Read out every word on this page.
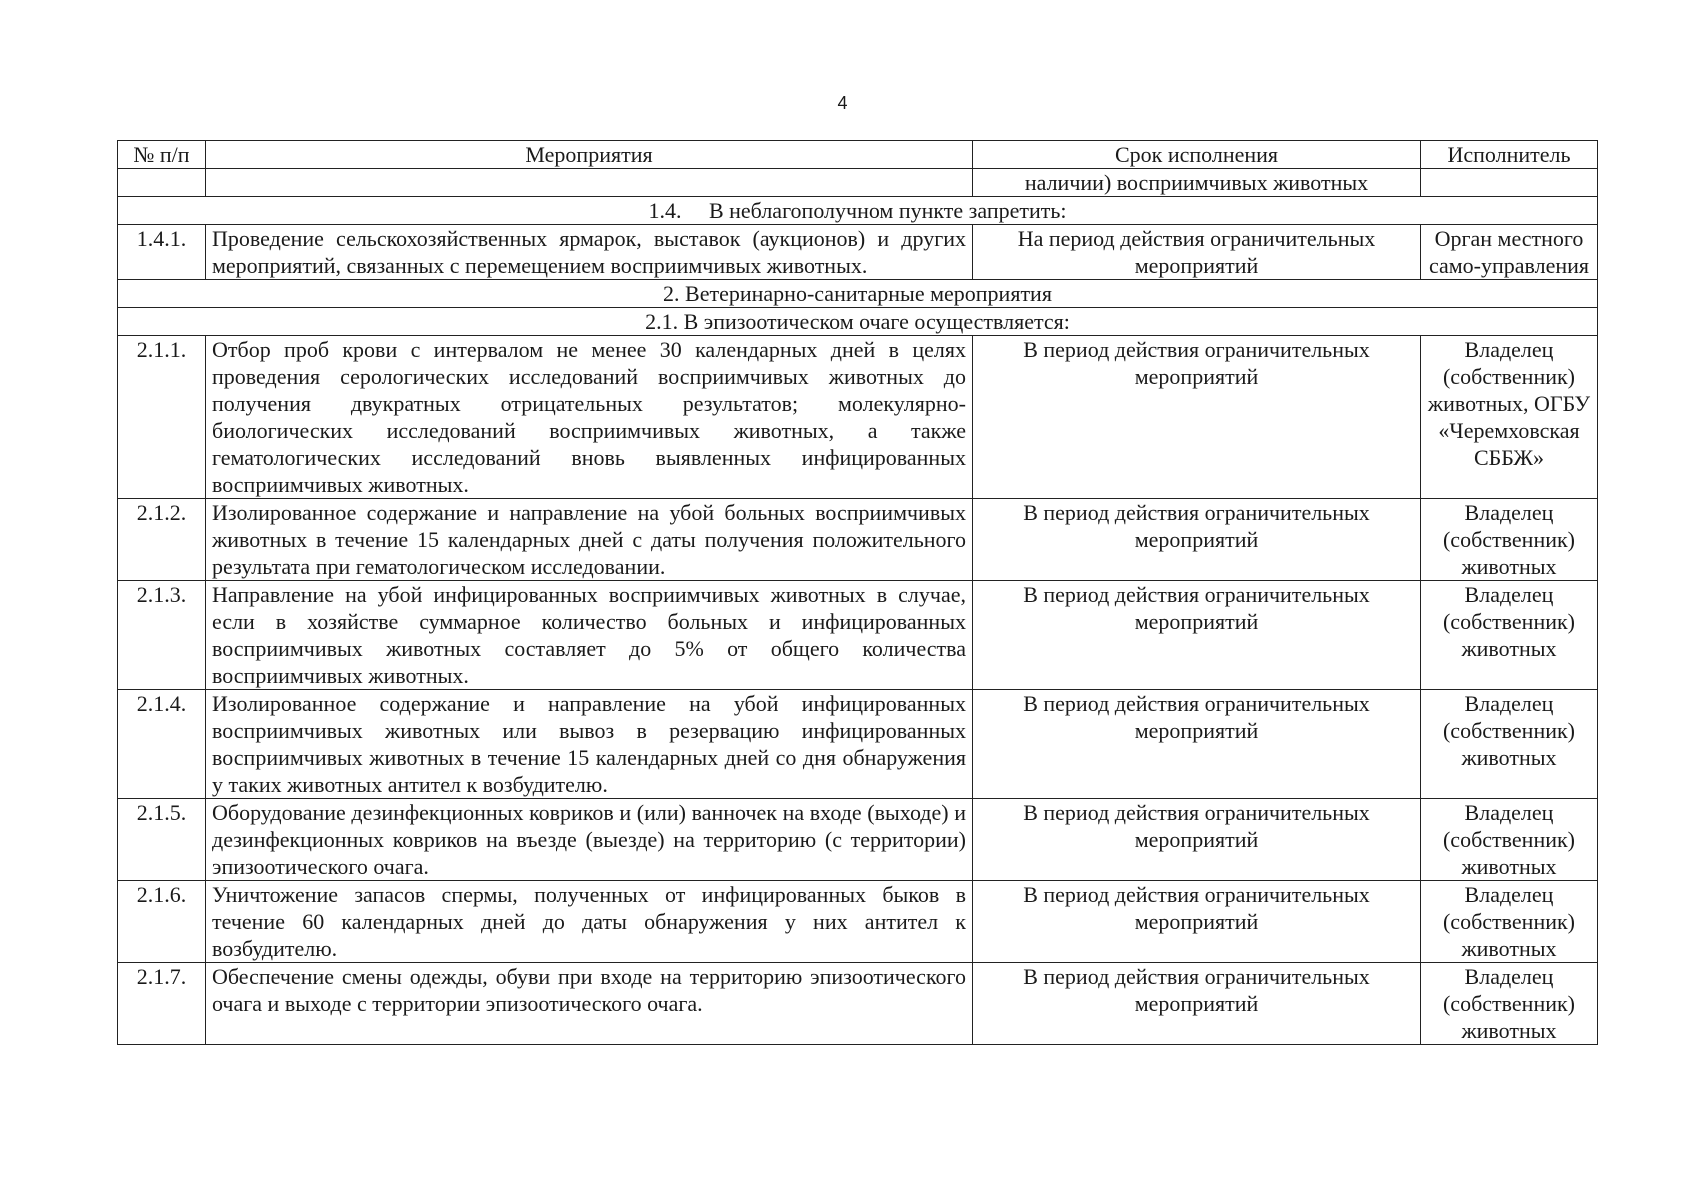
4
№ п/п	Мероприятия	Срок исполнения	Исполнитель
		наличии) восприимчивых животных	
1.4.     В неблагополучном пункте запретить:			
1.4.1.	Проведение сельскохозяйственных ярмарок, выставок (аукционов) и других мероприятий, связанных с перемещением восприимчивых животных.	На период действия ограничительных мероприятий	Орган местного само-управления
2. Ветеринарно-санитарные мероприятия			
2.1. В эпизоотическом очаге осуществляется:			
2.1.1.	Отбор проб крови с интервалом не менее 30 календарных дней в целях проведения серологических исследований восприимчивых животных до получения двукратных отрицательных результатов; молекулярно-биологических исследований восприимчивых животных, а также гематологических исследований вновь выявленных инфицированных восприимчивых животных.	В период действия ограничительных мероприятий	Владелец (собственник) животных, ОГБУ «Черемховская СББЖ»
2.1.2.	Изолированное содержание и направление на убой больных восприимчивых животных в течение 15 календарных дней с даты получения положительного результата при гематологическом исследовании.	В период действия ограничительных мероприятий	Владелец (собственник) животных
2.1.3.	Направление на убой инфицированных восприимчивых животных в случае, если в хозяйстве суммарное количество больных и инфицированных восприимчивых животных составляет до 5% от общего количества восприимчивых животных.	В период действия ограничительных мероприятий	Владелец (собственник) животных
2.1.4.	Изолированное содержание и направление на убой инфицированных восприимчивых животных или вывоз в резервацию инфицированных восприимчивых животных в течение 15 календарных дней со дня обнаружения у таких животных антител к возбудителю.	В период действия ограничительных мероприятий	Владелец (собственник) животных
2.1.5.	Оборудование дезинфекционных ковриков и (или) ванночек на входе (выходе) и дезинфекционных ковриков на въезде (выезде) на территорию (с территории) эпизоотического очага.	В период действия ограничительных мероприятий	Владелец (собственник) животных
2.1.6.	Уничтожение запасов спермы, полученных от инфицированных быков в течение 60 календарных дней до даты обнаружения у них антител к возбудителю.	В период действия ограничительных мероприятий	Владелец (собственник) животных
2.1.7.	Обеспечение смены одежды, обуви при входе на территорию эпизоотического очага и выходе с территории эпизоотического очага.	В период действия ограничительных мероприятий	Владелец (собственник) животных
